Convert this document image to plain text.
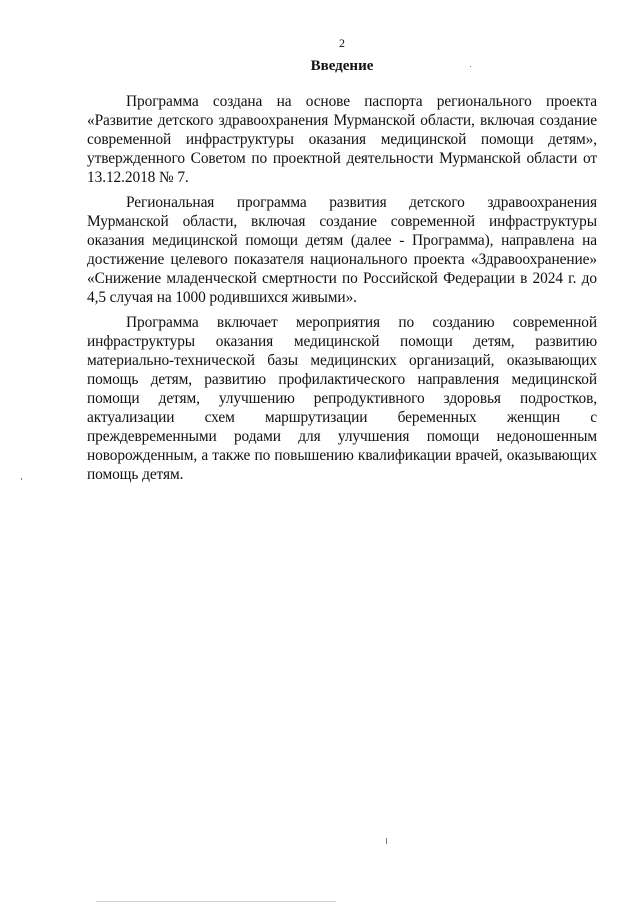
2
Введение

Программа создана на основе паспорта регионального проекта «Развитие детского здравоохранения Мурманской области, включая создание современной инфраструктуры оказания медицинской помощи детям», утвержденного Советом по проектной деятельности Мурманской области от 13.12.2018 № 7.

Региональная программа развития детского здравоохранения Мурманской области, включая создание современной инфраструктуры оказания медицинской помощи детям (далее - Программа), направлена на достижение целевого показателя национального проекта «Здравоохранение» «Снижение младенческой смертности по Российской Федерации в 2024 г. до 4,5 случая на 1000 родившихся живыми».

Программа включает мероприятия по созданию современной инфраструктуры оказания медицинской помощи детям, развитию материально-технической базы медицинских организаций, оказывающих помощь детям, развитию профилактического направления медицинской помощи детям, улучшению репродуктивного здоровья подростков, актуализации схем маршрутизации беременных женщин с преждевременными родами для улучшения помощи недоношенным новорожденным, а также по повышению квалификации врачей, оказывающих помощь детям.
